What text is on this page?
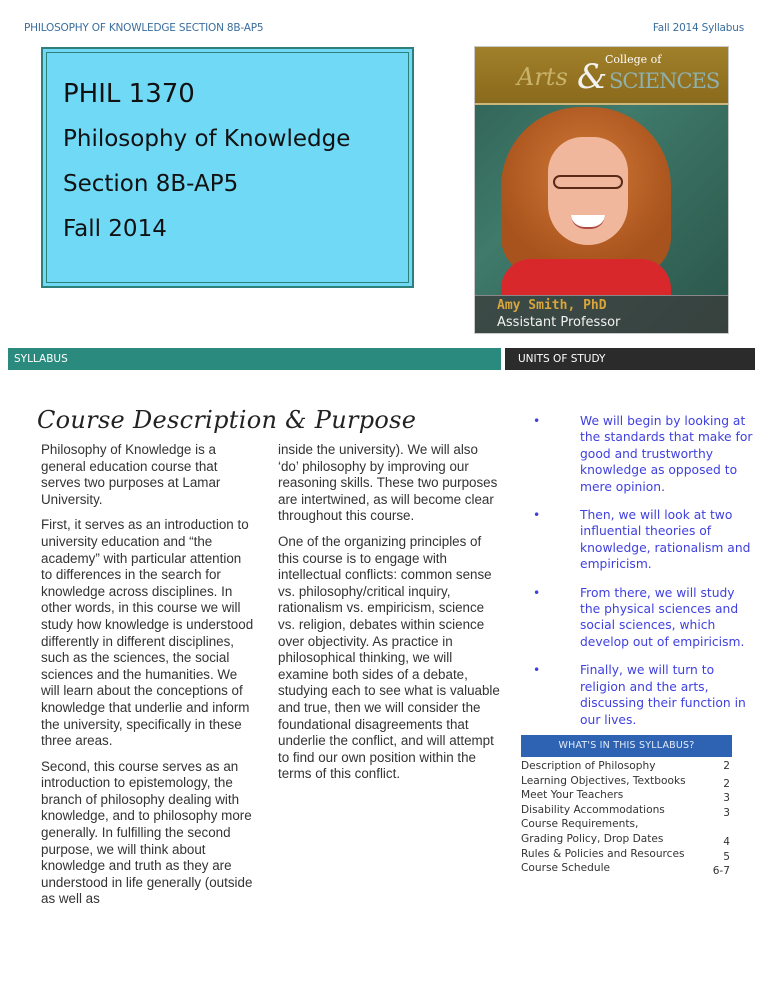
PHILOSOPHY OF KNOWLEDGE SECTION 8B-AP5	Fall 2014 Syllabus
PHIL 1370
Philosophy of Knowledge
Section 8B-AP5
Fall 2014
Arts &
College of
SCIENCES
Amy Smith, PhD
Assistant Professor
SYLLABUS	UNITS OF STUDY
Course Description & Purpose

Philosophy of Knowledge is a general education course that serves two purposes at Lamar University.

First, it serves as an introduction to university education and “the academy” with particular attention to differences in the search for knowledge across disciplines. In other words, in this course we will study how knowledge is understood differently in different disciplines, such as the sciences, the social sciences and the humanities. We will learn about the conceptions of knowledge that underlie and inform the university, specifically in these three areas.

Second, this course serves as an introduction to epistemology, the branch of philosophy dealing with knowledge, and to philosophy more generally. In fulfilling the second purpose, we will think about knowledge and truth as they are understood in life generally (outside as well as

inside the university). We will also ‘do’ philosophy by improving our reasoning skills. These two purposes are intertwined, as will become clear throughout this course.

One of the organizing principles of this course is to engage with intellectual conflicts: common sense vs. philosophy/critical inquiry, rationalism vs. empiricism, science vs. religion, debates within science over objectivity. As practice in philosophical thinking, we will examine both sides of a debate, studying each to see what is valuable and true, then we will consider the foundational disagreements that underlie the conflict, and will attempt to find our own position within the terms of this conflict.

•	We will begin by looking at the standards that make for good and trustworthy knowledge as opposed to mere opinion.
•	Then, we will look at two influential theories of knowledge, rationalism and empiricism.
•	From there, we will study the physical sciences and social sciences, which develop out of empiricism.
•	Finally, we will turn to religion and the arts, discussing their function in our lives.
WHAT'S IN THIS SYLLABUS?
Description of Philosophy	2
Learning Objectives, Textbooks	2
Meet Your Teachers	3
Disability Accommodations	3
Course Requirements,
Grading Policy, Drop Dates	4
Rules & Policies and Resources	5
Course Schedule	6-7
